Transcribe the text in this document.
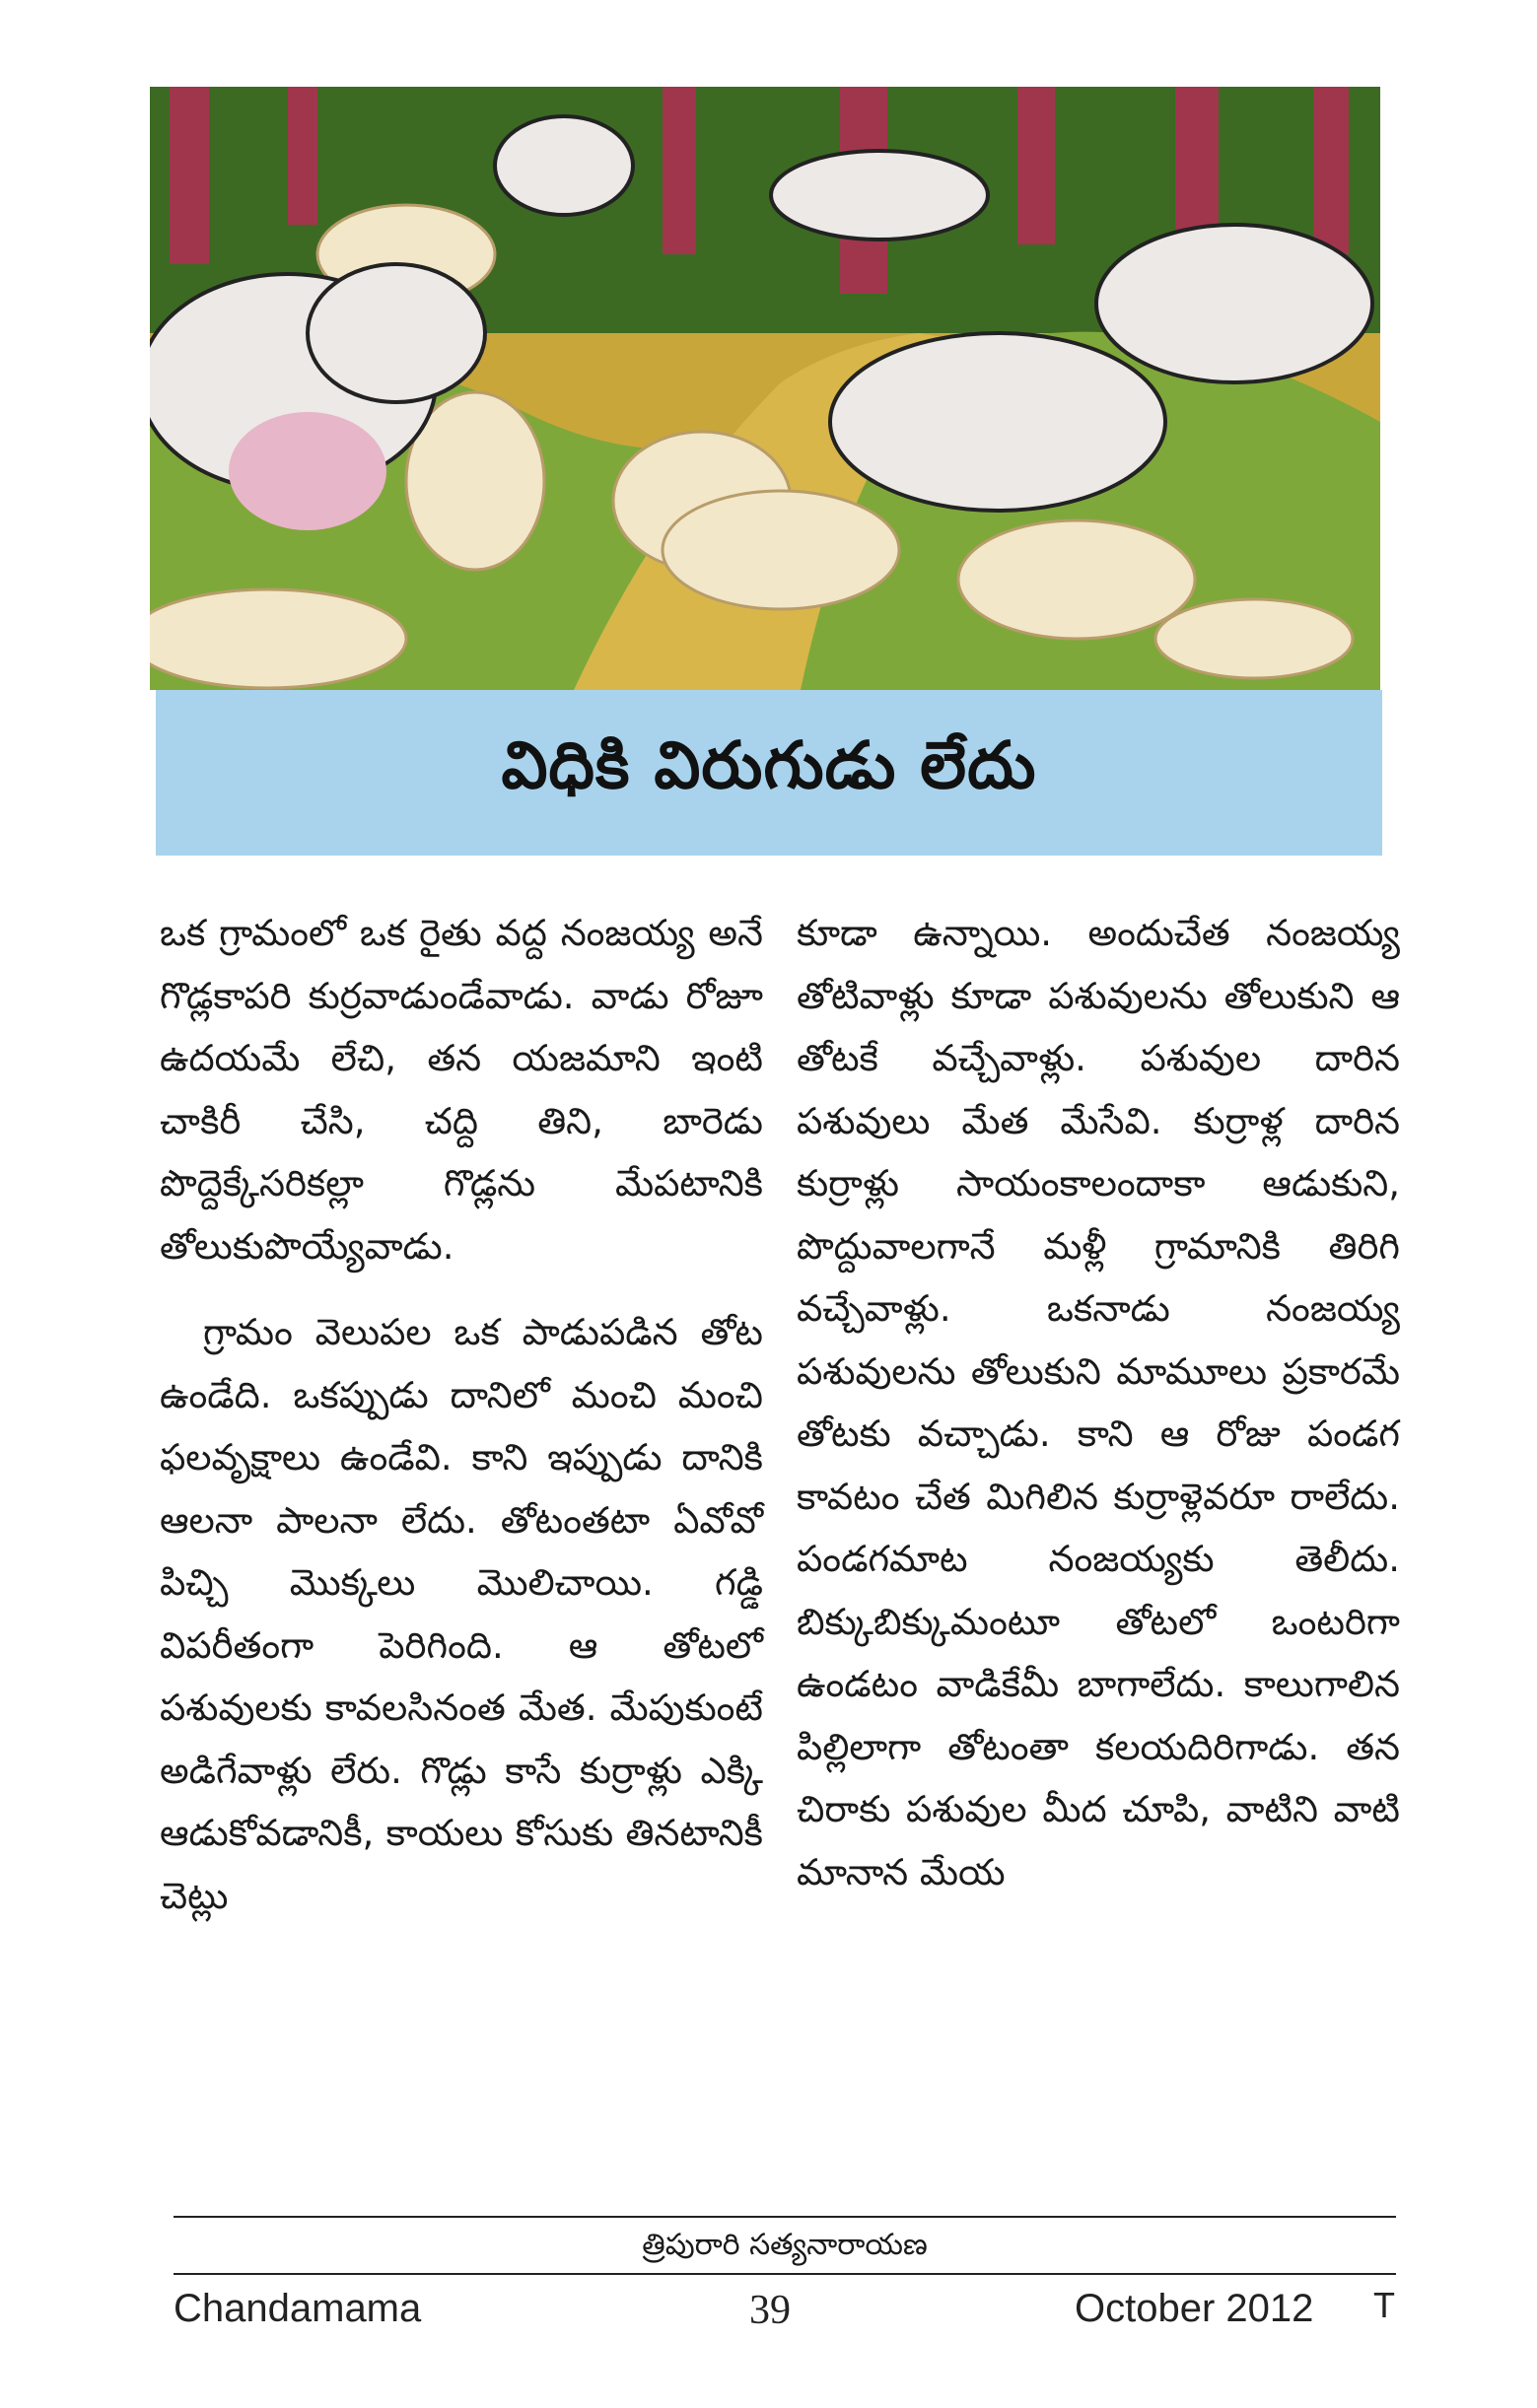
విధికి విరుగుడు లేదు

ఒక గ్రామంలో ఒక రైతు వద్ద నంజయ్య అనే గొడ్లకాపరి కుర్రవాడుండేవాడు. వాడు రోజూ ఉదయమే లేచి, తన యజమాని ఇంటి చాకిరీ చేసి, చద్ది తిని, బారెడు పొద్దెక్కేసరికల్లా గొడ్లను మేపటానికి తోలుకుపొయ్యేవాడు.

గ్రామం వెలుపల ఒక పాడుపడిన తోట ఉండేది. ఒకప్పుడు దానిలో మంచి మంచి ఫలవృక్షాలు ఉండేవి. కాని ఇప్పుడు దానికి ఆలనా పాలనా లేదు. తోటంతటా ఏవోవో పిచ్చి మొక్కలు మొలిచాయి. గడ్డి విపరీతంగా పెరిగింది. ఆ తోటలో పశువులకు కావలసినంత మేత. మేపుకుంటే అడిగేవాళ్లు లేరు. గొడ్లు కాసే కుర్రాళ్లు ఎక్కి ఆడుకోవడానికీ, కాయలు కోసుకు తినటానికీ చెట్లు

కూడా ఉన్నాయి. అందుచేత నంజయ్య తోటివాళ్లు కూడా పశువులను తోలుకుని ఆ తోటకే వచ్చేవాళ్లు. పశువుల దారిన పశువులు మేత మేసేవి. కుర్రాళ్ల దారిన కుర్రాళ్లు సాయంకాలందాకా ఆడుకుని, పొద్దువాలగానే మళ్లీ గ్రామానికి తిరిగి వచ్చేవాళ్లు. ఒకనాడు నంజయ్య పశువులను తోలుకుని మామూలు ప్రకారమే తోటకు వచ్చాడు. కాని ఆ రోజు పండగ కావటం చేత మిగిలిన కుర్రాళ్లెవరూ రాలేదు. పండగమాట నంజయ్యకు తెలీదు. బిక్కుబిక్కుమంటూ తోటలో ఒంటరిగా ఉండటం వాడికేమీ బాగాలేదు. కాలుగాలిన పిల్లిలాగా తోటంతా కలయదిరిగాడు. తన చిరాకు పశువుల మీద చూపి, వాటిని వాటి మానాన మేయ

త్రిపురారి సత్యనారాయణ
Chandamama	39	October 2012 T
